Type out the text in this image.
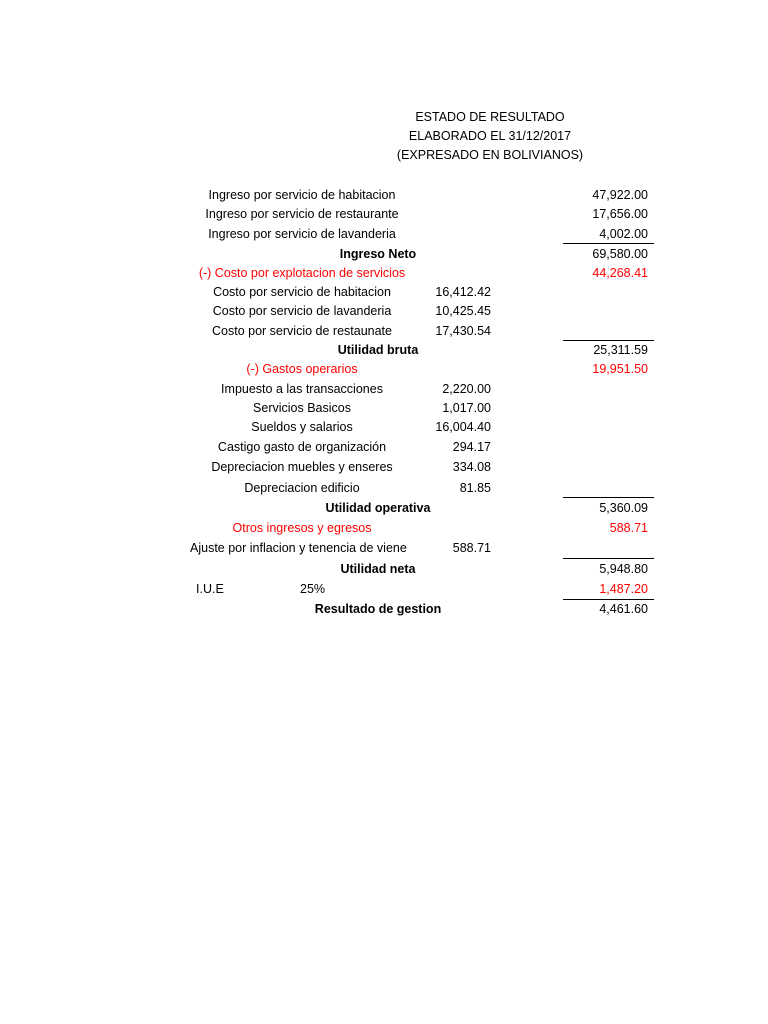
ESTADO DE RESULTADO
ELABORADO EL 31/12/2017
(EXPRESADO EN BOLIVIANOS)
Ingreso por servicio de habitacion	47,922.00
Ingreso por servicio de restaurante	17,656.00
Ingreso por servicio de lavanderia	4,002.00
Ingreso Neto	69,580.00
(-) Costo por explotacion de servicios	44,268.41
Costo por servicio de habitacion	16,412.42
Costo por servicio de lavanderia	10,425.45
Costo por servicio de restaunate	17,430.54
Utilidad bruta	25,311.59
(-) Gastos operarios	19,951.50
Impuesto a las transacciones	2,220.00
Servicios Basicos	1,017.00
Sueldos y salarios	16,004.40
Castigo gasto de organización	294.17
Depreciacion muebles y enseres	334.08
Depreciacion edificio	81.85
Utilidad operativa	5,360.09
Otros ingresos y egresos	588.71
Ajuste por inflacion y tenencia de viene	588.71
Utilidad neta	5,948.80
I.U.E	25%	1,487.20
Resultado de gestion	4,461.60
